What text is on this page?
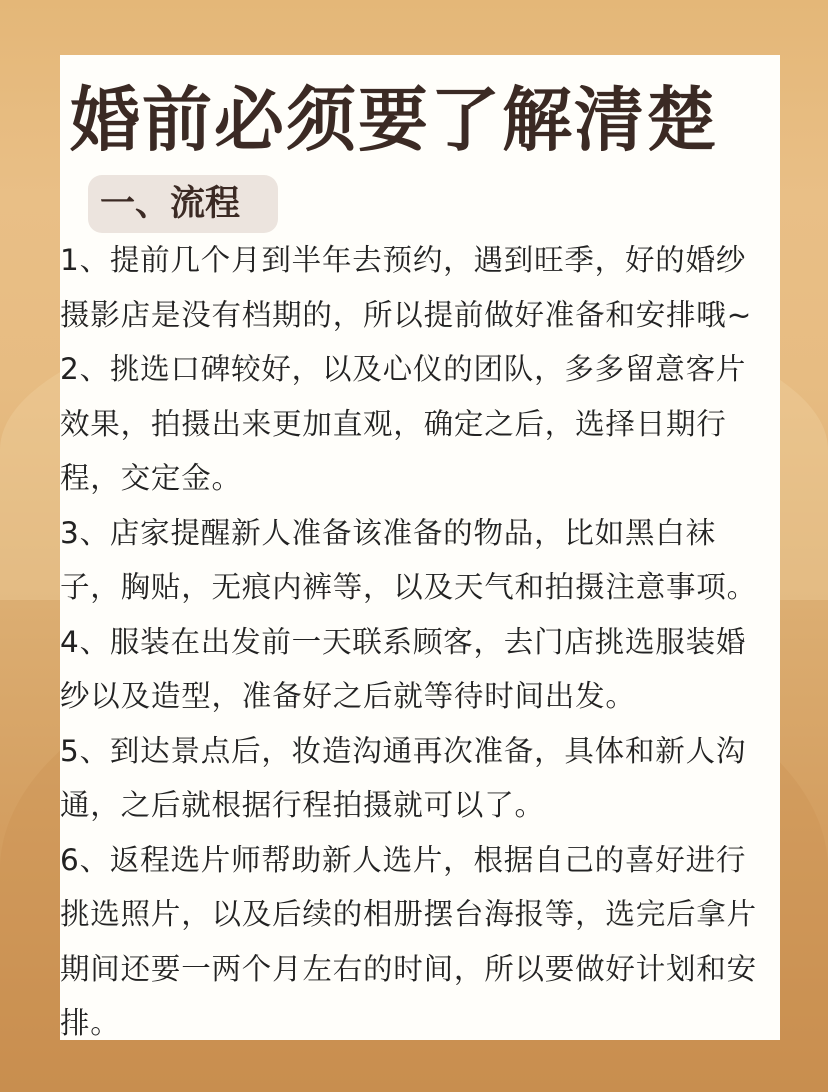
婚前必须要了解清楚
一、流程

1、提前几个月到半年去预约，遇到旺季，好的婚纱摄影店是没有档期的，所以提前做好准备和安排哦~

2、挑选口碑较好，以及心仪的团队，多多留意客片效果，拍摄出来更加直观，确定之后，选择日期行程，交定金。

3、店家提醒新人准备该准备的物品，比如黑白袜子，胸贴，无痕内裤等，以及天气和拍摄注意事项。

4、服装在出发前一天联系顾客，去门店挑选服装婚纱以及造型，准备好之后就等待时间出发。

5、到达景点后，妆造沟通再次准备，具体和新人沟通，之后就根据行程拍摄就可以了。

6、返程选片师帮助新人选片，根据自己的喜好进行挑选照片，以及后续的相册摆台海报等，选完后拿片期间还要一两个月左右的时间，所以要做好计划和安排。
